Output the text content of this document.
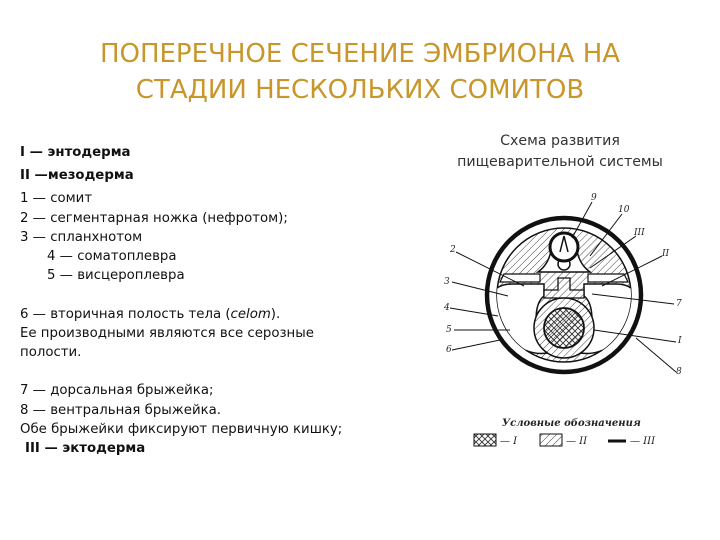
ПОПЕРЕЧНОЕ СЕЧЕНИЕ ЭМБРИОНА НА
СТАДИИ НЕСКОЛЬКИХ СОМИТОВ
I — энтодерма
II —мезодерма
1 — сомит
2 — сегментарная ножка (нефротом);
3 — спланхнотом
4 — соматоплевра
5 — висцероплевра
6 — вторичная полость тела (celom).
Ее производными являются все серозные
полости.
7 — дорсальная брыжейка;
8 — вентральная брыжейка.
Обе брыжейки фиксируют первичную кишку;
III — эктодерма
Схема развития
пищеварительной системы
2
3
4
5
6
9
10
III
II
7
I
8
Условные обозначения
— I	— II	— III
